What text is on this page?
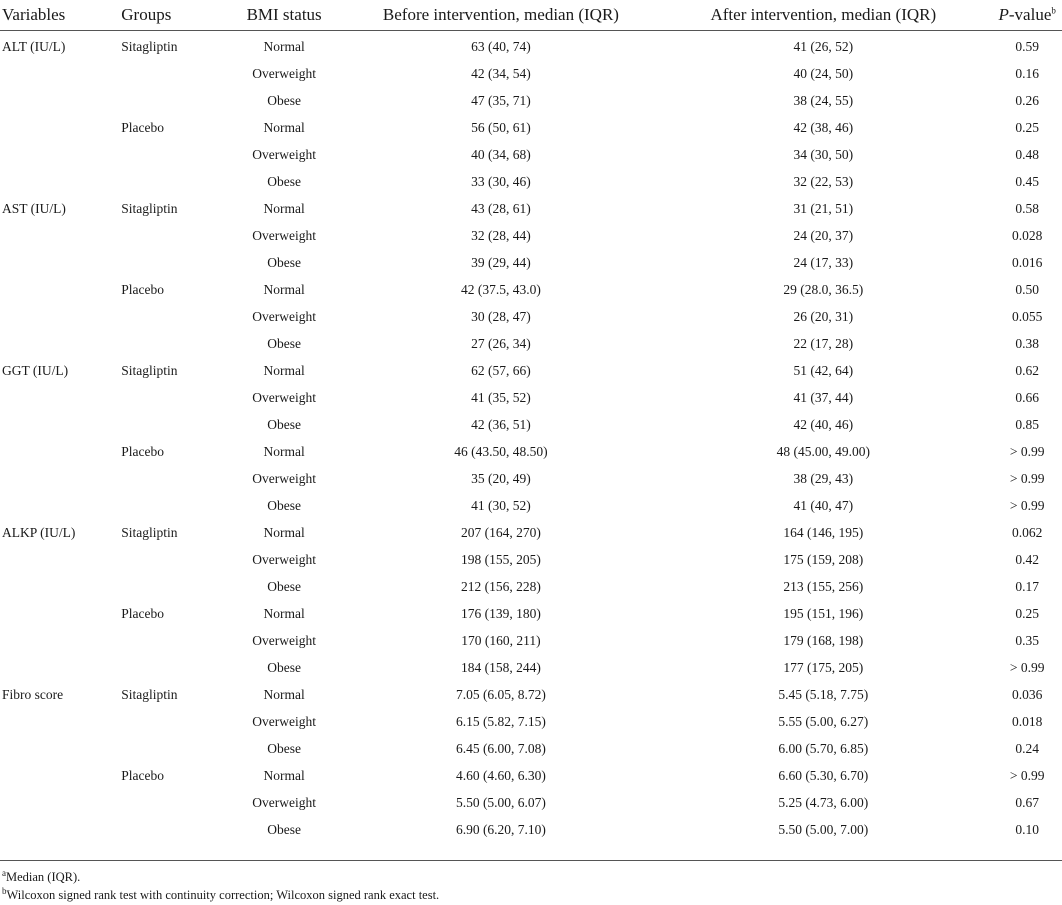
Variables	Groups	BMI status	Before intervention, median (IQR)	After intervention, median (IQR)	P-value$^b$
ALT (IU/L)	Sitagliptin	Normal	63 (40, 74)	41 (26, 52)	0.59
		Overweight	42 (34, 54)	40 (24, 50)	0.16
		Obese	47 (35, 71)	38 (24, 55)	0.26
	Placebo	Normal	56 (50, 61)	42 (38, 46)	0.25
		Overweight	40 (34, 68)	34 (30, 50)	0.48
		Obese	33 (30, 46)	32 (22, 53)	0.45
AST (IU/L)	Sitagliptin	Normal	43 (28, 61)	31 (21, 51)	0.58
		Overweight	32 (28, 44)	24 (20, 37)	0.028
		Obese	39 (29, 44)	24 (17, 33)	0.016
	Placebo	Normal	42 (37.5, 43.0)	29 (28.0, 36.5)	0.50
		Overweight	30 (28, 47)	26 (20, 31)	0.055
		Obese	27 (26, 34)	22 (17, 28)	0.38
GGT (IU/L)	Sitagliptin	Normal	62 (57, 66)	51 (42, 64)	0.62
		Overweight	41 (35, 52)	41 (37, 44)	0.66
		Obese	42 (36, 51)	42 (40, 46)	0.85
	Placebo	Normal	46 (43.50, 48.50)	48 (45.00, 49.00)	> 0.99
		Overweight	35 (20, 49)	38 (29, 43)	> 0.99
		Obese	41 (30, 52)	41 (40, 47)	> 0.99
ALKP (IU/L)	Sitagliptin	Normal	207 (164, 270)	164 (146, 195)	0.062
		Overweight	198 (155, 205)	175 (159, 208)	0.42
		Obese	212 (156, 228)	213 (155, 256)	0.17
	Placebo	Normal	176 (139, 180)	195 (151, 196)	0.25
		Overweight	170 (160, 211)	179 (168, 198)	0.35
		Obese	184 (158, 244)	177 (175, 205)	> 0.99
Fibro score	Sitagliptin	Normal	7.05 (6.05, 8.72)	5.45 (5.18, 7.75)	0.036
		Overweight	6.15 (5.82, 7.15)	5.55 (5.00, 6.27)	0.018
		Obese	6.45 (6.00, 7.08)	6.00 (5.70, 6.85)	0.24
	Placebo	Normal	4.60 (4.60, 6.30)	6.60 (5.30, 6.70)	> 0.99
		Overweight	5.50 (5.00, 6.07)	5.25 (4.73, 6.00)	0.67
		Obese	6.90 (6.20, 7.10)	5.50 (5.00, 7.00)	0.10
$^a$Median (IQR).
$^b$Wilcoxon signed rank test with continuity correction; Wilcoxon signed rank exact test.
